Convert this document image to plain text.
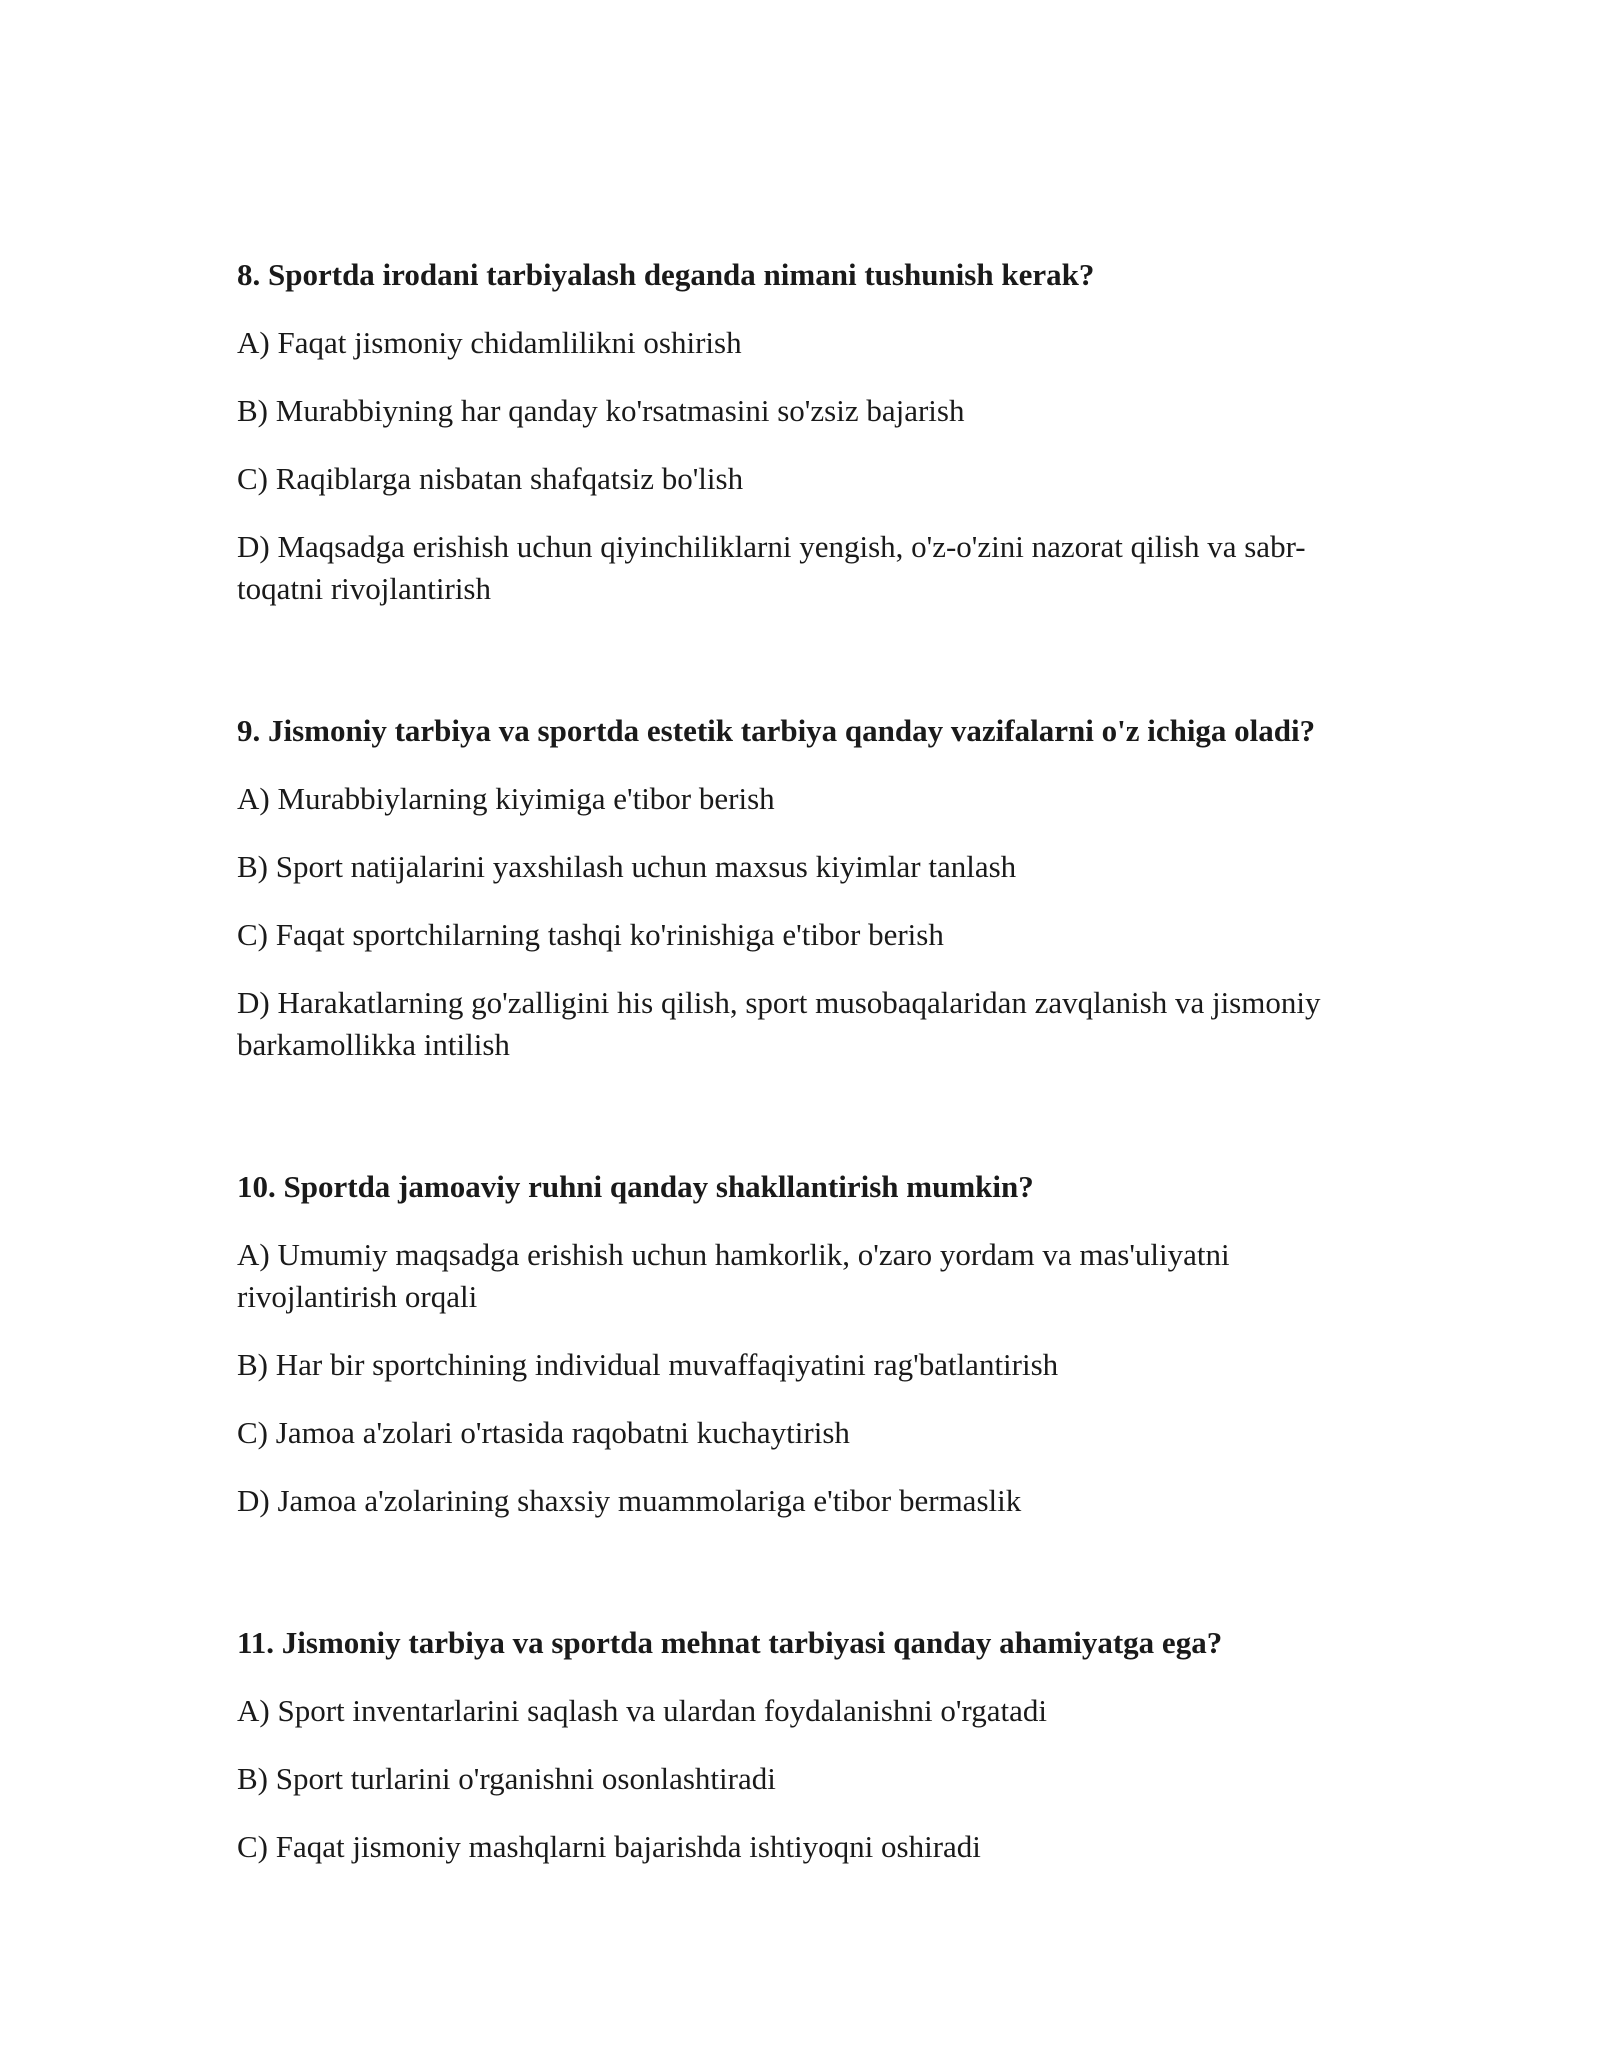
8. Sportda irodani tarbiyalash deganda nimani tushunish kerak?

A) Faqat jismoniy chidamlilikni oshirish

B) Murabbiyning har qanday ko'rsatmasini so'zsiz bajarish

C) Raqiblarga nisbatan shafqatsiz bo'lish

D) Maqsadga erishish uchun qiyinchiliklarni yengish, o'z-o'zini nazorat qilish va sabr-toqatni rivojlantirish

9. Jismoniy tarbiya va sportda estetik tarbiya qanday vazifalarni o'z ichiga oladi?

A) Murabbiylarning kiyimiga e'tibor berish

B) Sport natijalarini yaxshilash uchun maxsus kiyimlar tanlash

C) Faqat sportchilarning tashqi ko'rinishiga e'tibor berish

D) Harakatlarning go'zalligini his qilish, sport musobaqalaridan zavqlanish va jismoniy barkamollikka intilish

10. Sportda jamoaviy ruhni qanday shakllantirish mumkin?

A) Umumiy maqsadga erishish uchun hamkorlik, o'zaro yordam va mas'uliyatni rivojlantirish orqali

B) Har bir sportchining individual muvaffaqiyatini rag'batlantirish

C) Jamoa a'zolari o'rtasida raqobatni kuchaytirish

D) Jamoa a'zolarining shaxsiy muammolariga e'tibor bermaslik

11. Jismoniy tarbiya va sportda mehnat tarbiyasi qanday ahamiyatga ega?

A) Sport inventarlarini saqlash va ulardan foydalanishni o'rgatadi

B) Sport turlarini o'rganishni osonlashtiradi

C) Faqat jismoniy mashqlarni bajarishda ishtiyoqni oshiradi
